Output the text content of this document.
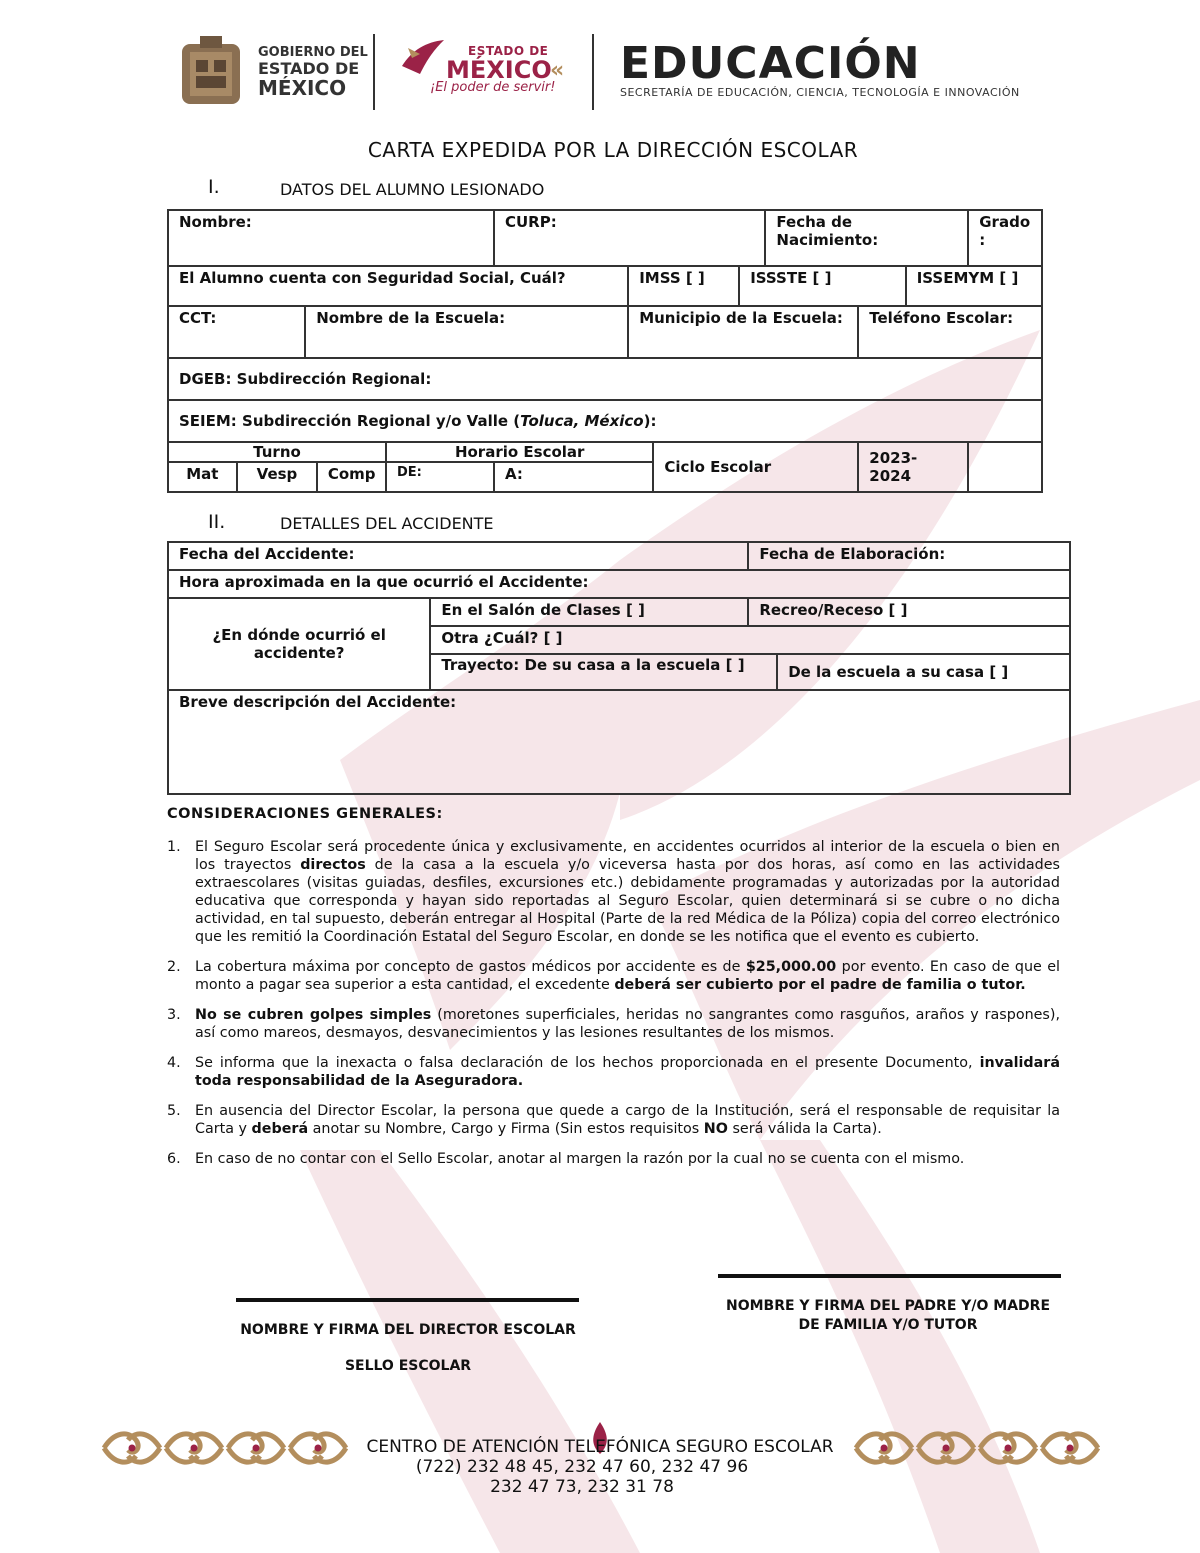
GOBIERNO DEL
ESTADO DE
MÉXICO
ESTADO DE
MÉXICO
«
¡El poder de servir! EDUCACIÓN
SECRETARÍA DE EDUCACIÓN, CIENCIA, TECNOLOGÍA E INNOVACIÓN
CARTA EXPEDIDA POR LA DIRECCIÓN ESCOLAR
I.	DATOS DEL ALUMNO LESIONADO
Nombre:					CURP:				Fecha de Nacimiento:			Grado :
El Alumno cuenta con Seguridad Social, Cuál?						IMSS [ ]		ISSSTE [ ]			ISSEMYM [ ]	
CCT:		Nombre de la Escuela:				Municipio de la Escuela:				Teléfono Escolar:		
DGEB: Subdirección Regional:												
SEIEM: Subdirección Regional y/o Valle (Toluca, México):												
Turno				Horario Escolar			Ciclo Escolar			2023-2024		
Mat	Vesp		Comp	DE:	A:							
II.	DETALLES DEL ACCIDENTE
Fecha del Accidente:		Fecha de Elaboración:	
Hora aproximada en la que ocurrió el Accidente:			
¿En dónde ocurrió el accidente?	En el Salón de Clases [ ]	Recreo/Receso [ ]	
	Otra ¿Cuál? [ ]		
	Trayecto: De su casa a la escuela [ ]		De la escuela a su casa [ ]
Breve descripción del Accidente:			
CONSIDERACIONES GENERALES:
1. El Seguro Escolar será procedente única y exclusivamente, en accidentes ocurridos al interior de la escuela o bien en los trayectos directos de la casa a la escuela y/o viceversa hasta por dos horas, así como en las actividades extraescolares (visitas guiadas, desfiles, excursiones etc.) debidamente programadas y autorizadas por la autoridad educativa que corresponda y hayan sido reportadas al Seguro Escolar, quien determinará si se cubre o no dicha actividad, en tal supuesto, deberán entregar al Hospital (Parte de la red Médica de la Póliza) copia del correo electrónico que les remitió la Coordinación Estatal del Seguro Escolar, en donde se les notifica que el evento es cubierto.
2. La cobertura máxima por concepto de gastos médicos por accidente es de $25,000.00 por evento. En caso de que el monto a pagar sea superior a esta cantidad, el excedente deberá ser cubierto por el padre de familia o tutor.
3. No se cubren golpes simples (moretones superficiales, heridas no sangrantes como rasguños, araños y raspones), así como mareos, desmayos, desvanecimientos y las lesiones resultantes de los mismos.
4. Se informa que la inexacta o falsa declaración de los hechos proporcionada en el presente Documento, invalidará toda responsabilidad de la Aseguradora.
5. En ausencia del Director Escolar, la persona que quede a cargo de la Institución, será el responsable de requisitar la Carta y deberá anotar su Nombre, Cargo y Firma (Sin estos requisitos NO será válida la Carta).
6. En caso de no contar con el Sello Escolar, anotar al margen la razón por la cual no se cuenta con el mismo.
NOMBRE Y FIRMA DEL PADRE Y/O MADRE
DE FAMILIA Y/O TUTOR
NOMBRE Y FIRMA DEL DIRECTOR ESCOLAR
SELLO ESCOLAR
CENTRO DE ATENCIÓN TELEFÓNICA SEGURO ESCOLAR
(722) 232 48 45, 232 47 60, 232 47 96
232 47 73, 232 31 78
